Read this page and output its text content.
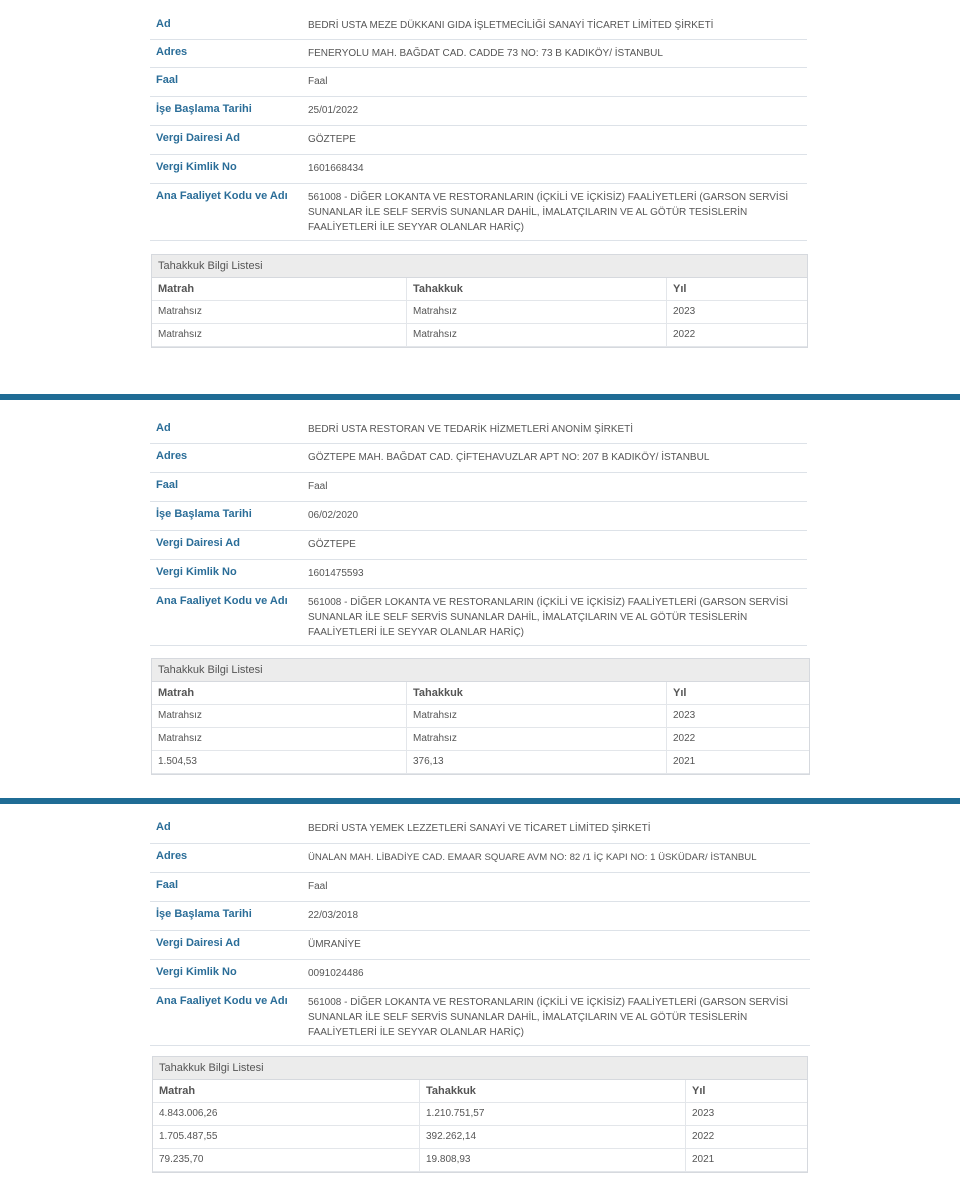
Ad	BEDRİ USTA MEZE DÜKKANI GIDA İŞLETMECİLİĞİ SANAYİ TİCARET LİMİTED ŞİRKETİ
Adres	FENERYOLU MAH. BAĞDAT CAD. CADDE 73 NO: 73 B KADIKÖY/ İSTANBUL
Faal	Faal
İşe Başlama Tarihi	25/01/2022
Vergi Dairesi Ad	GÖZTEPE
Vergi Kimlik No	1601668434
Ana Faaliyet Kodu ve Adı 561008 - DİĞER LOKANTA VE RESTORANLARIN (İÇKİLİ VE İÇKİSİZ) FAALİYETLERİ (GARSON SERVİSİ SUNANLAR İLE SELF SERVİS SUNANLAR DAHİL, İMALATÇILARIN VE AL GÖTÜR TESİSLERİN FAALİYETLERİ İLE SEYYAR OLANLAR HARİÇ)
Tahakkuk Bilgi Listesi
Matrah	Tahakkuk	Yıl
Matrahsız	Matrahsız	2023
Matrahsız	Matrahsız	2022
Ad	BEDRİ USTA RESTORAN VE TEDARİK HİZMETLERİ ANONİM ŞİRKETİ
Adres	GÖZTEPE MAH. BAĞDAT CAD. ÇİFTEHAVUZLAR APT NO: 207 B KADIKÖY/ İSTANBUL
Faal	Faal
İşe Başlama Tarihi	06/02/2020
Vergi Dairesi Ad	GÖZTEPE
Vergi Kimlik No	1601475593
Ana Faaliyet Kodu ve Adı 561008 - DİĞER LOKANTA VE RESTORANLARIN (İÇKİLİ VE İÇKİSİZ) FAALİYETLERİ (GARSON SERVİSİ SUNANLAR İLE SELF SERVİS SUNANLAR DAHİL, İMALATÇILARIN VE AL GÖTÜR TESİSLERİN FAALİYETLERİ İLE SEYYAR OLANLAR HARİÇ)
Tahakkuk Bilgi Listesi
Matrah	Tahakkuk	Yıl
Matrahsız	Matrahsız	2023
Matrahsız	Matrahsız	2022
1.504,53	376,13	2021
Ad	BEDRİ USTA YEMEK LEZZETLERİ SANAYİ VE TİCARET LİMİTED ŞİRKETİ
Adres	ÜNALAN MAH. LİBADİYE CAD. EMAAR SQUARE AVM NO: 82 /1 İÇ KAPI NO: 1 ÜSKÜDAR/ İSTANBUL
Faal	Faal
İşe Başlama Tarihi	22/03/2018
Vergi Dairesi Ad	ÜMRANİYE
Vergi Kimlik No	0091024486
Ana Faaliyet Kodu ve Adı 561008 - DİĞER LOKANTA VE RESTORANLARIN (İÇKİLİ VE İÇKİSİZ) FAALİYETLERİ (GARSON SERVİSİ SUNANLAR İLE SELF SERVİS SUNANLAR DAHİL, İMALATÇILARIN VE AL GÖTÜR TESİSLERİN FAALİYETLERİ İLE SEYYAR OLANLAR HARİÇ)
Tahakkuk Bilgi Listesi
Matrah	Tahakkuk	Yıl
4.843.006,26	1.210.751,57	2023
1.705.487,55	392.262,14	2022
79.235,70	19.808,93	2021
